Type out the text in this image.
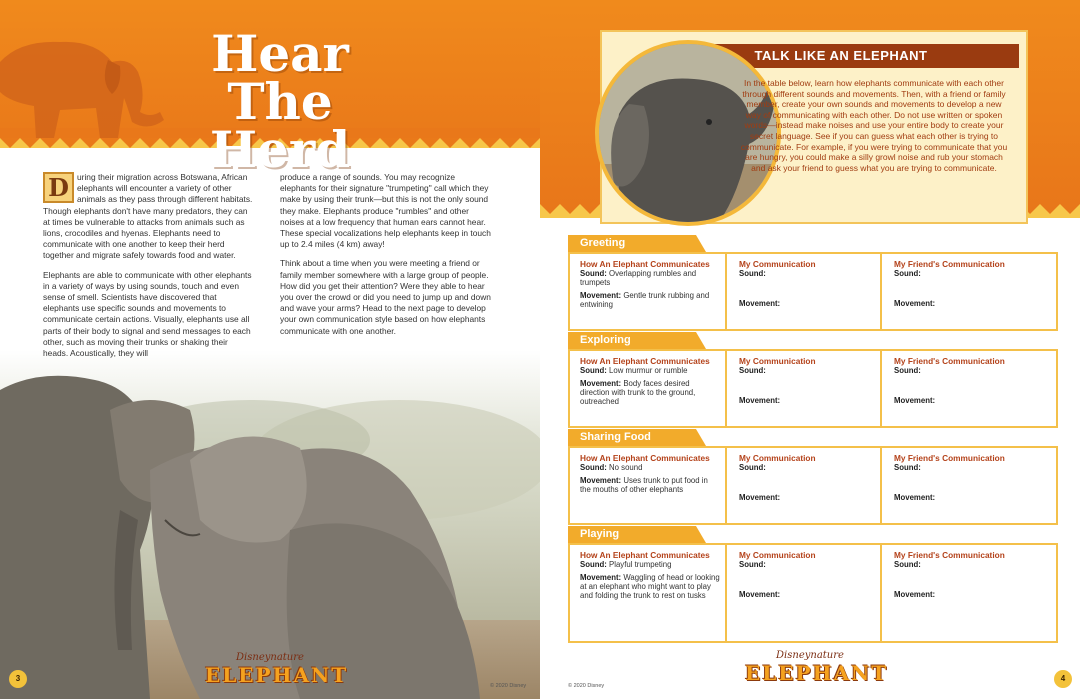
Hear The
Herd

D uring their migration across Botswana, African elephants will encounter a variety of other animals as they pass through different habitats. Though elephants don't have many predators, they can at times be vulnerable to attacks from animals such as lions, crocodiles and hyenas. Elephants need to communicate with one another to keep their herd together and migrate safely towards food and water.

Elephants are able to communicate with other elephants in a variety of ways by using sounds, touch and even sense of smell. Scientists have discovered that elephants use specific sounds and movements to communicate certain actions. Visually, elephants use all parts of their body to signal and send messages to each other, such as moving their trunks or shaking their heads. Acoustically, they will

produce a range of sounds. You may recognize elephants for their signature "trumpeting" call which they make by using their trunk—but this is not the only sound they make. Elephants produce "rumbles" and other noises at a low frequency that human ears cannot hear. These special vocalizations help elephants keep in touch up to 2.4 miles (4 km) away!

Think about a time when you were meeting a friend or family member somewhere with a large group of people. How did you get their attention? Were they able to hear you over the crowd or did you need to jump up and down and wave your arms? Head to the next page to develop your own communication style based on how elephants communicate with one another.

3
Disneynature
ELEPHANT	© 2020 Disney
TALK LIKE AN ELEPHANT
In the table below, learn how elephants communicate with each other through different sounds and movements. Then, with a friend or family member, create your own sounds and movements to develop a new way of communicating with each other. Do not use written or spoken words—instead make noises and use your entire body to create your secret language. See if you can guess what each other is trying to communicate. For example, if you were trying to communicate that you are hungry, you could make a silly growl noise and rub your stomach and ask your friend to guess what you are trying to communicate.
Greeting
How An Elephant Communicates
Sound: Overlapping rumbles and trumpets
Movement: Gentle trunk rubbing and entwining
My Communication
Sound:
Movement:
My Friend's Communication
Sound:
Movement:
Exploring
How An Elephant Communicates
Sound: Low murmur or rumble
Movement: Body faces desired direction with trunk to the ground, outreached
My Communication
Sound:
Movement:
My Friend's Communication
Sound:
Movement:
Sharing Food
How An Elephant Communicates
Sound: No sound
Movement: Uses trunk to put food in the mouths of other elephants
My Communication
Sound:
Movement:
My Friend's Communication
Sound:
Movement:
Playing
How An Elephant Communicates
Sound: Playful trumpeting
Movement: Waggling of head or looking at an elephant who might want to play and folding the trunk to rest on tusks
My Communication
Sound:
Movement:
My Friend's Communication
Sound:
Movement:
© 2020 Disney
Disneynature
ELEPHANT	4
